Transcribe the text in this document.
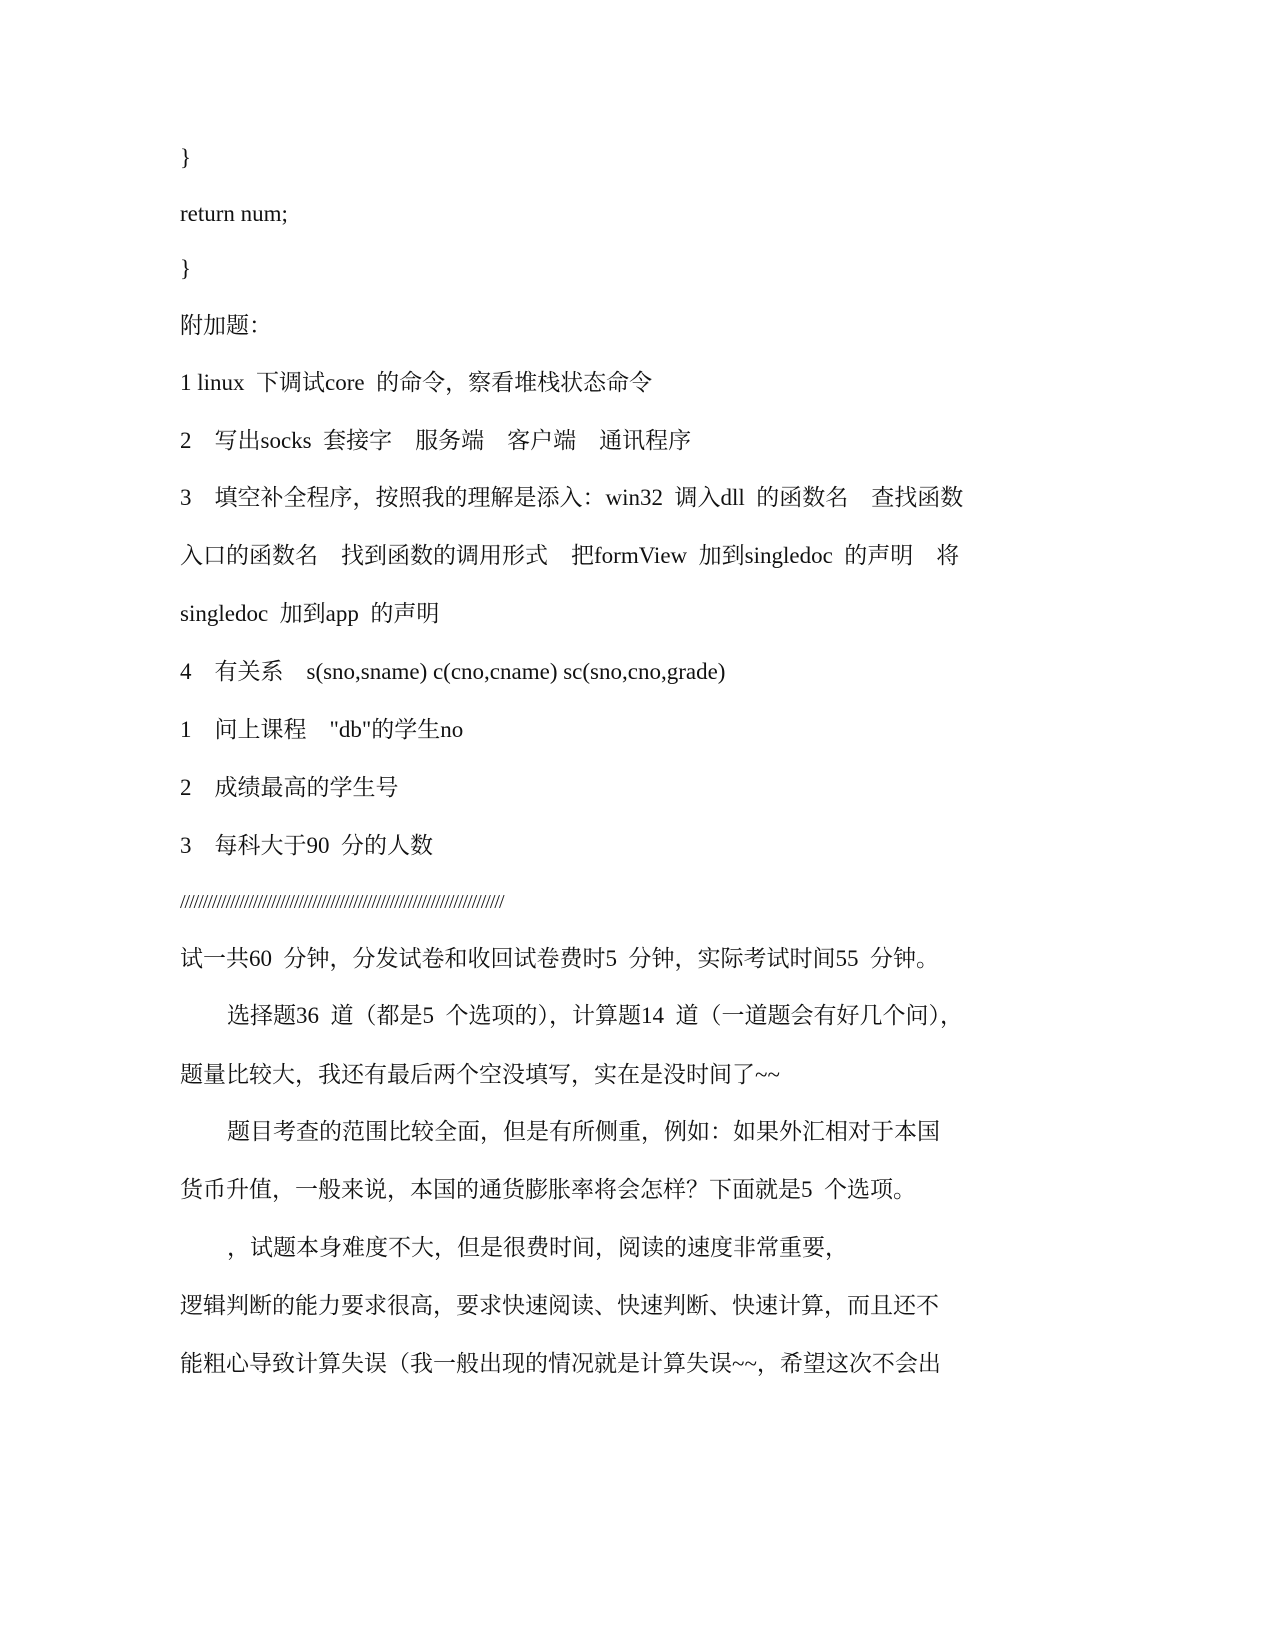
}
return num;
}
附加题：
1 linux  下调试core  的命令，察看堆栈状态命令
2    写出socks  套接字    服务端    客户端    通讯程序
3    填空补全程序，按照我的理解是添入：win32  调入dll  的函数名    查找函数
入口的函数名    找到函数的调用形式    把formView  加到singledoc  的声明    将
singledoc  加到app  的声明
4    有关系    s(sno,sname) c(cno,cname) sc(sno,cno,grade)
1    问上课程    "db"的学生no
2    成绩最高的学生号
3    每科大于90  分的人数
///////////////////////////////////////////////////////////////////////
试一共60  分钟，分发试卷和收回试卷费时5  分钟，实际考试时间55  分钟。
选择题36  道（都是5  个选项的），计算题14  道（一道题会有好几个问），
题量比较大，我还有最后两个空没填写，实在是没时间了~~
题目考查的范围比较全面，但是有所侧重，例如：如果外汇相对于本国
货币升值，一般来说，本国的通货膨胀率将会怎样？下面就是5  个选项。
，试题本身难度不大，但是很费时间，阅读的速度非常重要，
逻辑判断的能力要求很高，要求快速阅读、快速判断、快速计算，而且还不
能粗心导致计算失误（我一般出现的情况就是计算失误~~，希望这次不会出
